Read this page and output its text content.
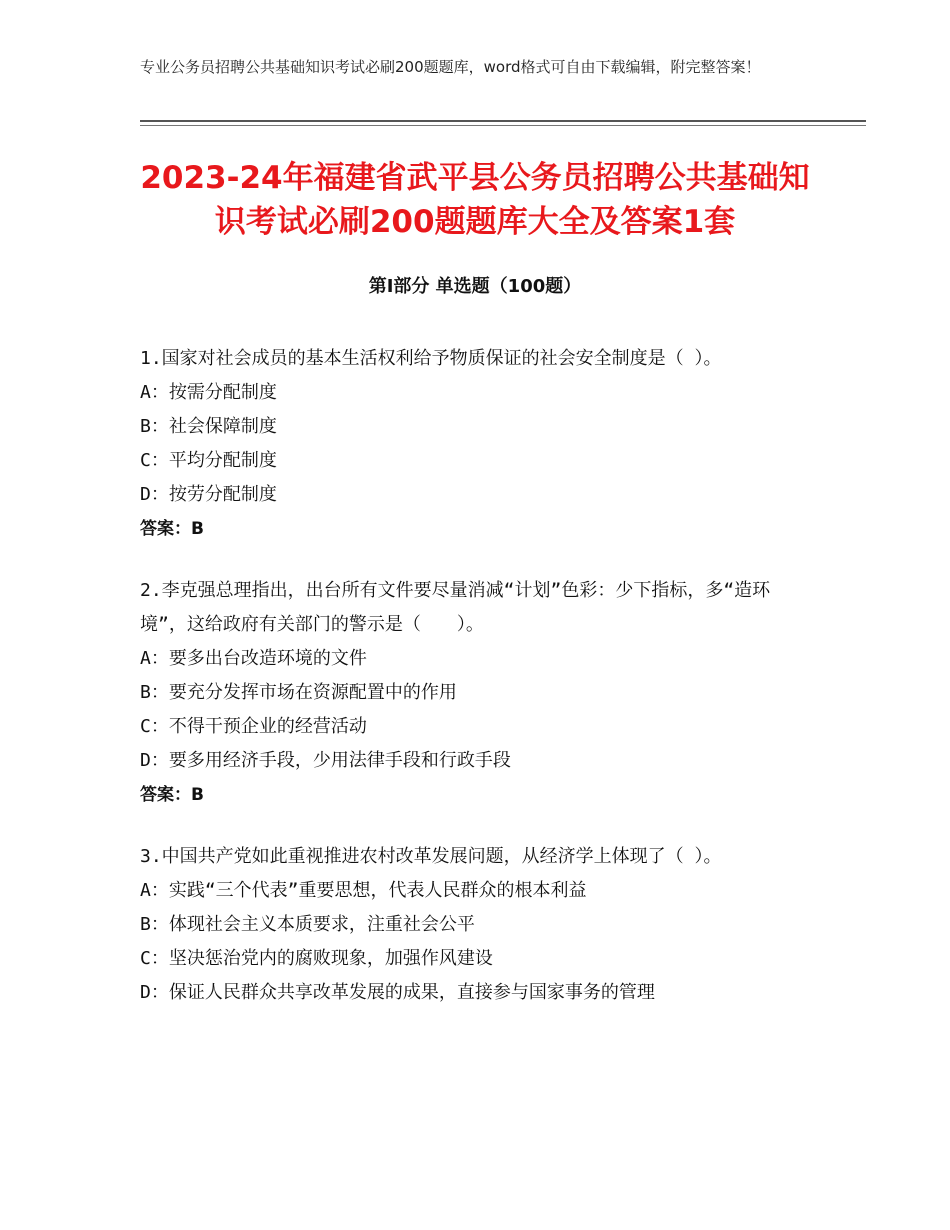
专业公务员招聘公共基础知识考试必刷200题题库，word格式可自由下载编辑，附完整答案！
2023-24年福建省武平县公务员招聘公共基础知识考试必刷200题题库大全及答案1套
第I部分 单选题（100题）
1.国家对社会成员的基本生活权利给予物质保证的社会安全制度是（ ）。
A：按需分配制度
B：社会保障制度
C：平均分配制度
D：按劳分配制度
答案：B
2.李克强总理指出，出台所有文件要尽量消减“计划”色彩：少下指标，多“造环境”，这给政府有关部门的警示是（　　）。
A：要多出台改造环境的文件
B：要充分发挥市场在资源配置中的作用
C：不得干预企业的经营活动
D：要多用经济手段，少用法律手段和行政手段
答案：B
3.中国共产党如此重视推进农村改革发展问题，从经济学上体现了（ ）。
A：实践“三个代表”重要思想，代表人民群众的根本利益
B：体现社会主义本质要求，注重社会公平
C：坚决惩治党内的腐败现象，加强作风建设
D：保证人民群众共享改革发展的成果，直接参与国家事务的管理
